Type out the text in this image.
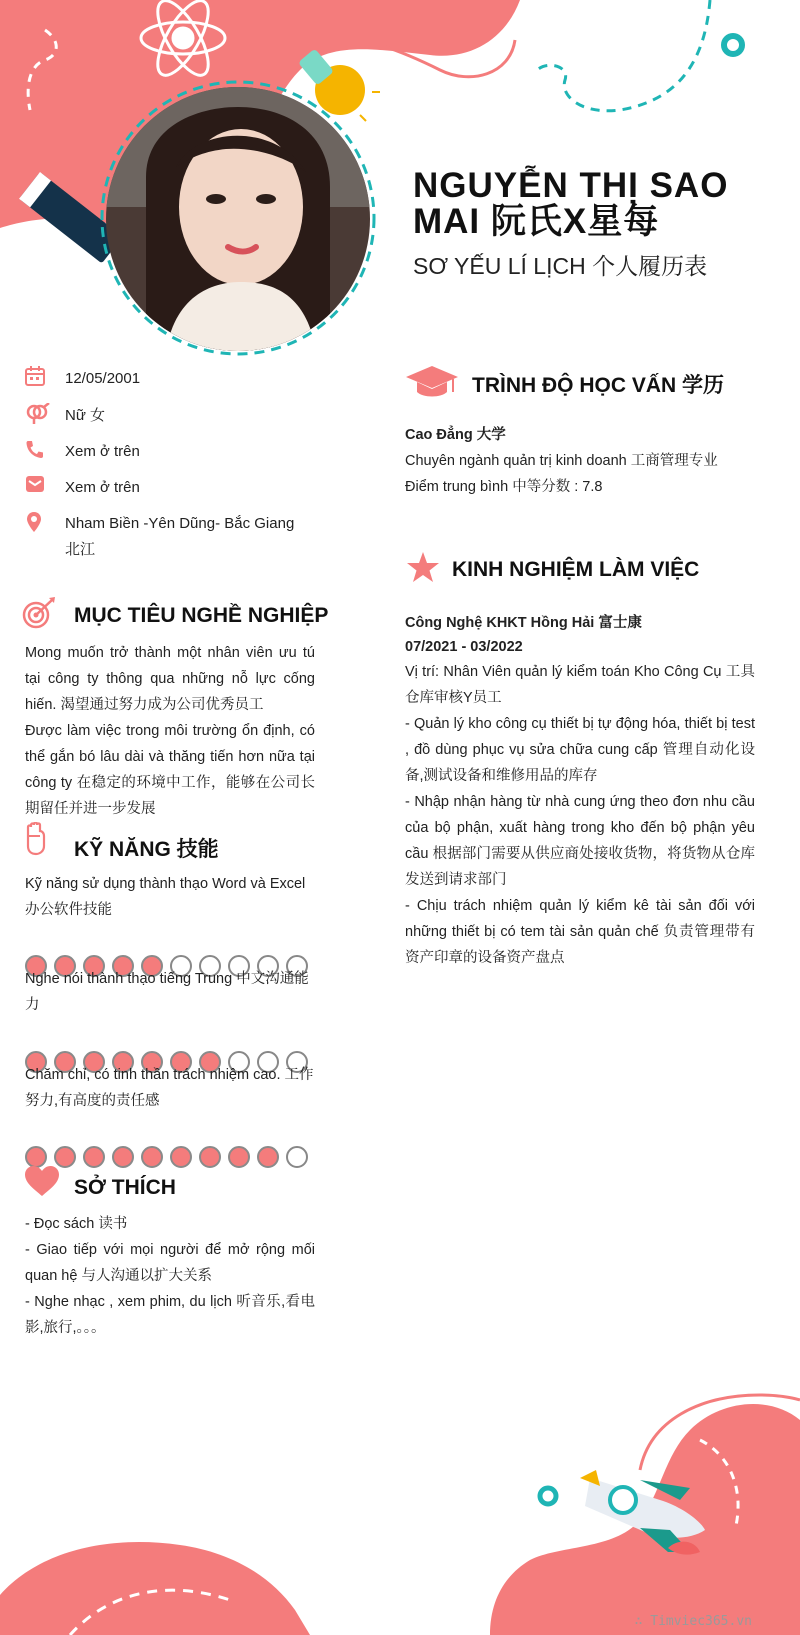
NGUYỄN THỊ SAO MAI 阮氏X星每
SƠ YẾU LÍ LỊCH 个人履历表
12/05/2001
Nữ 女
Xem ở trên
Xem ở trên
Nham Biền -Yên Dũng- Bắc Giang 北江
MỤC TIÊU NGHỀ NGHIỆP
Mong muốn trở thành một nhân viên ưu tú tại công ty thông qua những nỗ lực cống hiến. 渴望通过努力成为公司优秀员工
Được làm việc trong môi trường ổn định, có thể gắn bó lâu dài và thăng tiến hơn nữa tại công ty 在稳定的环境中工作，能够在公司长期留任并进一步发展
KỸ NĂNG 技能
Kỹ năng sử dụng thành thạo Word và Excel 办公软件技能
Nghe nói thành thạo tiếng Trung 中文沟通能力
Chăm chỉ, có tinh thần trách nhiệm cao. 工作努力,有高度的责任感
SỞ THÍCH
- Đọc sách 读书
- Giao tiếp với mọi người để mở rộng mối quan hệ 与人沟通以扩大关系
- Nghe nhạc , xem phim, du lịch 听音乐,看电影,旅行,。。。
TRÌNH ĐỘ HỌC VẤN 学历
Cao Đẳng 大学
Chuyên ngành quản trị kinh doanh 工商管理专业
Điểm trung bình 中等分数 : 7.8
KINH NGHIỆM LÀM VIỆC
Công Nghệ KHKT Hồng Hải 富士康
07/2021 - 03/2022
Vị trí: Nhân Viên quản lý kiểm toán Kho Công Cụ 工具仓库审核Y员工
- Quản lý kho công cụ thiết bị tự động hóa, thiết bị test , đồ dùng phục vụ sửa chữa cung cấp 管理自动化设备,测试设备和维修用品的库存
- Nhập nhận hàng từ nhà cung ứng theo đơn nhu cầu của bộ phận, xuất hàng trong kho đến bộ phận yêu cầu 根据部门需要从供应商处接收货物，将货物从仓库发送到请求部门
- Chịu trách nhiệm quản lý kiểm kê tài sản đối với những thiết bị có tem tài sản quản chế 负责管理带有资产印章的设备资产盘点
∴ Timviec365.vn
